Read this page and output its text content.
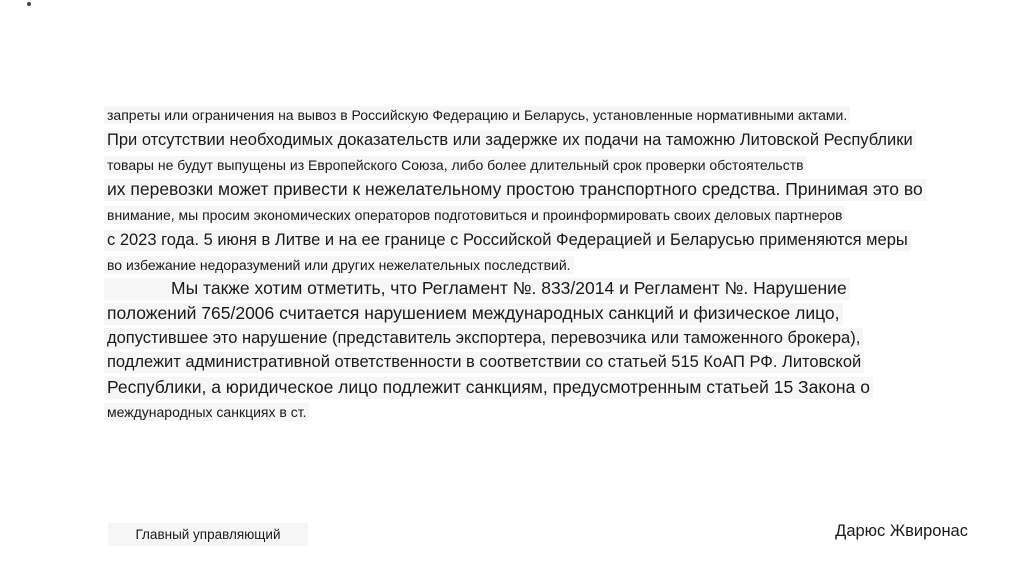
запреты или ограничения на вывоз в Российскую Федерацию и Беларусь, установленные нормативными актами.
При отсутствии необходимых доказательств или задержке их подачи на таможню Литовской Республики
товары не будут выпущены из Европейского Союза, либо более длительный срок проверки обстоятельств
их перевозки может привести к нежелательному простою транспортного средства. Принимая это во
внимание, мы просим экономических операторов подготовиться и проинформировать своих деловых партнеров
с 2023 года. 5 июня в Литве и на ее границе с Российской Федерацией и Беларусью применяются меры
во избежание недоразумений или других нежелательных последствий.
Мы также хотим отметить, что Регламент №. 833/2014 и Регламент №. Нарушение
положений 765/2006 считается нарушением международных санкций и физическое лицо,
допустившее это нарушение (представитель экспортера, перевозчика или таможенного брокера),
подлежит административной ответственности в соответствии со статьей 515 КоАП РФ. Литовской
Республики, а юридическое лицо подлежит санкциям, предусмотренным статьей 15 Закона о
международных санкциях в ст.
Главный управляющий	Дарюс Жвиронас
